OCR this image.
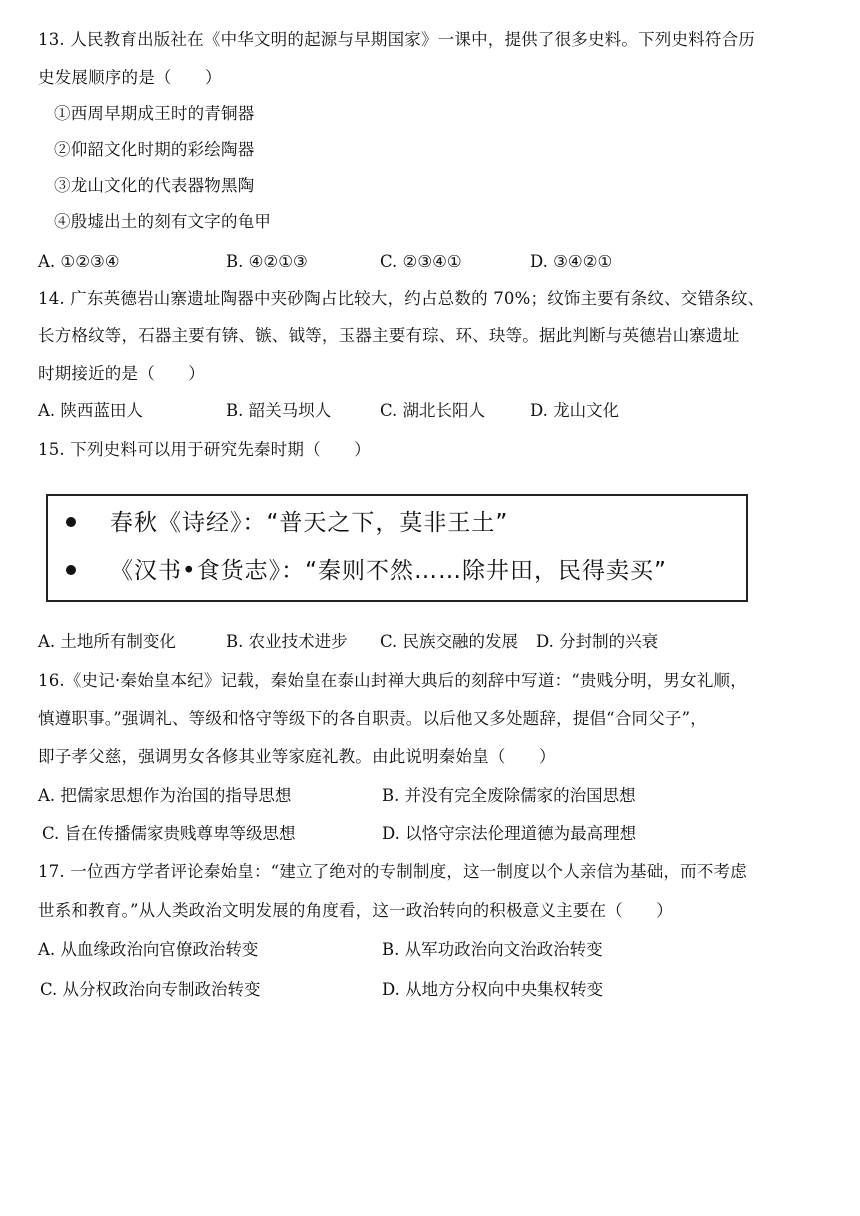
13. 人民教育出版社在《中华文明的起源与早期国家》一课中，提供了很多史料。下列史料符合历
史发展顺序的是（　　）
①西周早期成王时的青铜器
②仰韶文化时期的彩绘陶器
③龙山文化的代表器物黑陶
④殷墟出土的刻有文字的龟甲
A. ①②③④	B. ④②①③	C. ②③④①	D. ③④②①
14. 广东英德岩山寨遗址陶器中夹砂陶占比较大，约占总数的 70%；纹饰主要有条纹、交错条纹、
长方格纹等，石器主要有锛、镞、钺等，玉器主要有琮、环、玦等。据此判断与英德岩山寨遗址
时期接近的是（　　）
A. 陕西蓝田人	B. 韶关马坝人	C. 湖北长阳人	D. 龙山文化
15. 下列史料可以用于研究先秦时期（　　）
春秋《诗经》：“普天之下，莫非王土”
《汉书•食货志》：“秦则不然……除井田，民得卖买”
A. 土地所有制变化	B. 农业技术进步 C. 民族交融的发展 D. 分封制的兴衰
16.《史记·秦始皇本纪》记载，秦始皇在泰山封禅大典后的刻辞中写道：“贵贱分明，男女礼顺，
慎遵职事。”强调礼、等级和恪守等级下的各自职责。以后他又多处题辞，提倡“合同父子”，
即子孝父慈，强调男女各修其业等家庭礼教。由此说明秦始皇（　　）
A. 把儒家思想作为治国的指导思想	B. 并没有完全废除儒家的治国思想
C. 旨在传播儒家贵贱尊卑等级思想	D. 以恪守宗法伦理道德为最高理想
17. 一位西方学者评论秦始皇：“建立了绝对的专制制度，这一制度以个人亲信为基础，而不考虑
世系和教育。”从人类政治文明发展的角度看，这一政治转向的积极意义主要在（　　）
A. 从血缘政治向官僚政治转变	B. 从军功政治向文治政治转变
C. 从分权政治向专制政治转变	D. 从地方分权向中央集权转变
